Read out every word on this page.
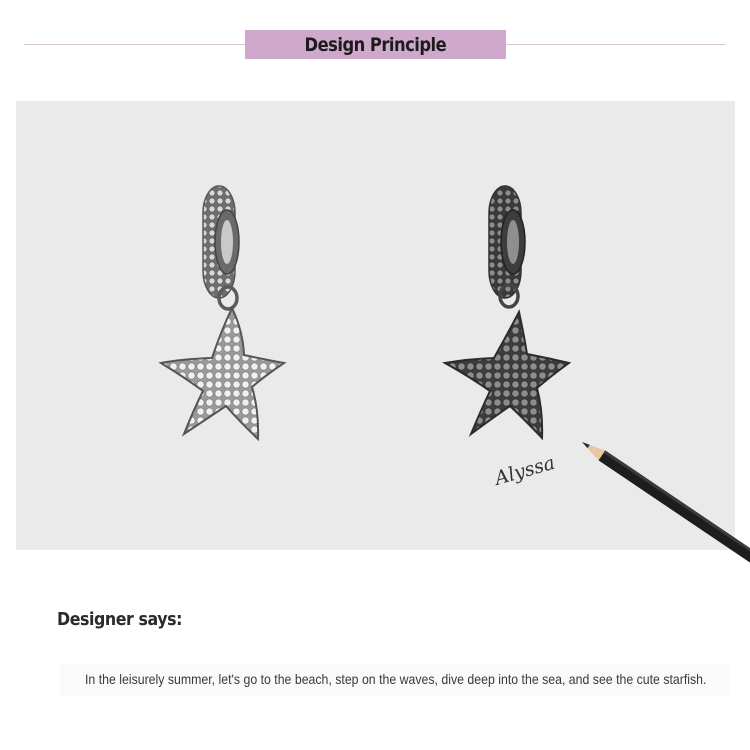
Design Principle
Alyssa
Designer says:
In the leisurely summer, let's go to the beach, step on the waves, dive deep into the sea, and see the cute starfish.
